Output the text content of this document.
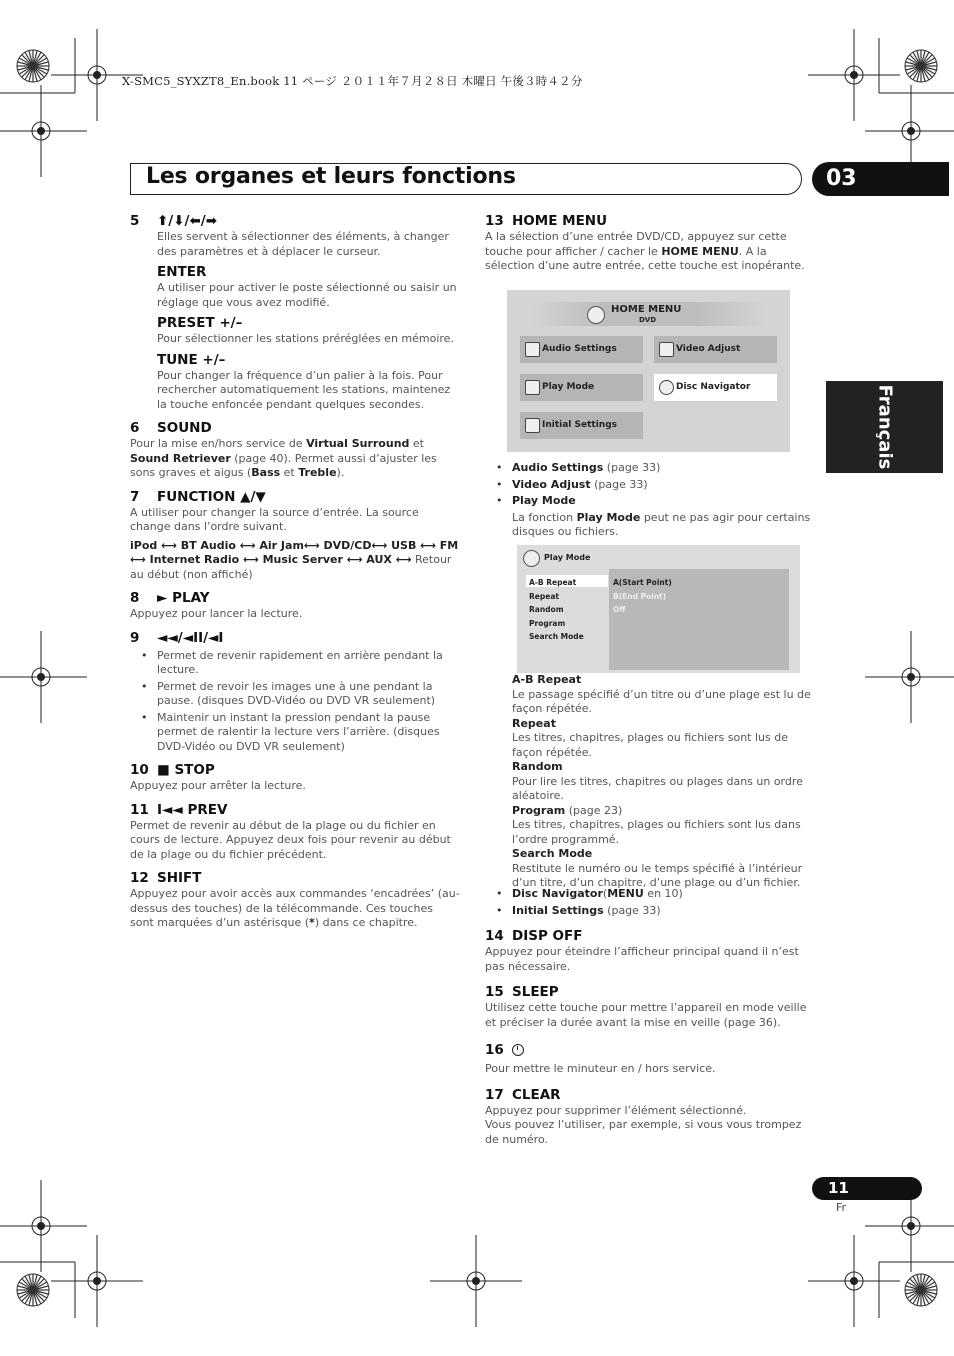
X-SMC5_SYXZT8_En.book 11 ページ ２０１１年７月２８日 木曜日 午後３時４２分
Les organes et leurs fonctions	03
Français
5 ⬆/⬇/⬅/➡

Elles servent à sélectionner des éléments, à changer des paramètres et à déplacer le curseur.

ENTER

A utiliser pour activer le poste sélectionné ou saisir un réglage que vous avez modifié.

PRESET +/–

Pour sélectionner les stations préréglées en mémoire.

TUNE +/–

Pour changer la fréquence d’un palier à la fois. Pour rechercher automatiquement les stations, maintenez la touche enfoncée pendant quelques secondes.

6 SOUND

Pour la mise en/hors service de Virtual Surround et Sound Retriever (page 40). Permet aussi d’ajuster les sons graves et aigus (Bass et Treble).

7 FUNCTION ▲/▼

A utiliser pour changer la source d’entrée. La source change dans l’ordre suivant.

iPod ⟷ BT Audio ⟷ Air Jam⟷ DVD/CD⟷ USB ⟷ FM
⟷ Internet Radio ⟷ Music Server ⟷ AUX ⟷ Retour au début (non affiché)

8 ► PLAY

Appuyez pour lancer la lecture.

9 ◄◄/◄II/◄I
• Permet de revenir rapidement en arrière pendant la lecture.
• Permet de revoir les images une à une pendant la pause. (disques DVD-Vidéo ou DVD VR seulement)
• Maintenir un instant la pression pendant la pause permet de ralentir la lecture vers l’arrière. (disques DVD-Vidéo ou DVD VR seulement)
10 ■ STOP

Appuyez pour arrêter la lecture.

11 I◄◄ PREV

Permet de revenir au début de la plage ou du fichier en cours de lecture. Appuyez deux fois pour revenir au début de la plage ou du fichier précédent.

12 SHIFT

Appuyez pour avoir accès aux commandes ‘encadrées’ (au-dessus des touches) de la télécommande. Ces touches sont marquées d’un astérisque (*) dans ce chapitre.

13 HOME MENU

A la sélection d’une entrée DVD/CD, appuyez sur cette touche pour afficher / cacher le HOME MENU. A la sélection d’une autre entrée, cette touche est inopérante.

HOME MENU
DVD
Audio Settings	Video Adjust
Play Mode	Disc Navigator
Initial Settings
• Audio Settings (page 33)
• Video Adjust (page 33)
• Play Mode

La fonction Play Mode peut ne pas agir pour certains disques ou fichiers.

Play Mode
A-B Repeat
Repeat
Random
Program
Search Mode
A(Start Point)
B(End Point)
Off
A-B Repeat

Le passage spécifié d’un titre ou d’une plage est lu de façon répétée.

Repeat

Les titres, chapitres, plages ou fichiers sont lus de façon répétée.

Random

Pour lire les titres, chapitres ou plages dans un ordre aléatoire.

Program (page 23)

Les titres, chapitres, plages ou fichiers sont lus dans l’ordre programmé.

Search Mode

Restitute le numéro ou le temps spécifié à l’intérieur d’un titre, d’un chapitre, d’une plage ou d’un fichier.

• Disc Navigator(MENU en 10)
• Initial Settings (page 33)
14 DISP OFF

Appuyez pour éteindre l’afficheur principal quand il n’est pas nécessaire.

15 SLEEP

Utilisez cette touche pour mettre l’appareil en mode veille et préciser la durée avant la mise en veille (page 36).

16

Pour mettre le minuteur en / hors service.

17 CLEAR

Appuyez pour supprimer l’élément sélectionné.

Vous pouvez l’utiliser, par exemple, si vous vous trompez de numéro.

11
Fr
